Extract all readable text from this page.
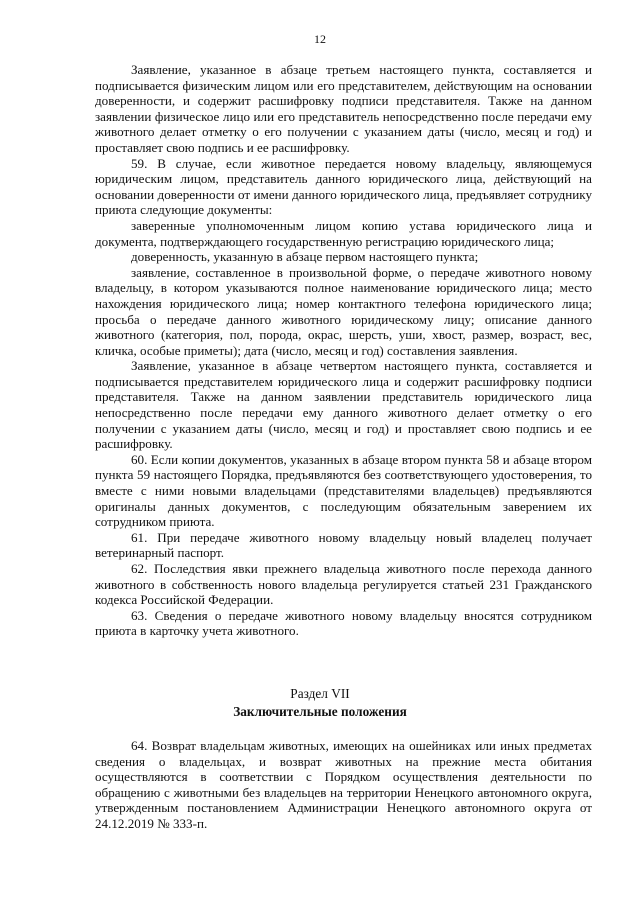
12

Заявление, указанное в абзаце третьем настоящего пункта, составляется и подписывается физическим лицом или его представителем, действующим на основании доверенности, и содержит расшифровку подписи представителя. Также на данном заявлении физическое лицо или его представитель непосредственно после передачи ему животного делает отметку о его получении с указанием даты (число, месяц и год) и проставляет свою подпись и ее расшифровку.

59. В случае, если животное передается новому владельцу, являющемуся юридическим лицом, представитель данного юридического лица, действующий на основании доверенности от имени данного юридического лица, предъявляет сотруднику приюта следующие документы:

заверенные уполномоченным лицом копию устава юридического лица и документа, подтверждающего государственную регистрацию юридического лица;

доверенность, указанную в абзаце первом настоящего пункта;

заявление, составленное в произвольной форме, о передаче животного новому владельцу, в котором указываются полное наименование юридического лица; место нахождения юридического лица; номер контактного телефона юридического лица; просьба о передаче данного животного юридическому лицу; описание данного животного (категория, пол, порода, окрас, шерсть, уши, хвост, размер, возраст, вес, кличка, особые приметы); дата (число, месяц и год) составления заявления.

Заявление, указанное в абзаце четвертом настоящего пункта, составляется и подписывается представителем юридического лица и содержит расшифровку подписи представителя. Также на данном заявлении представитель юридического лица непосредственно после передачи ему данного животного делает отметку о его получении с указанием даты (число, месяц и год) и проставляет свою подпись и ее расшифровку.

60. Если копии документов, указанных в абзаце втором пункта 58 и абзаце втором пункта 59 настоящего Порядка, предъявляются без соответствующего удостоверения, то вместе с ними новыми владельцами (представителями владельцев) предъявляются оригиналы данных документов, с последующим обязательным заверением их сотрудником приюта.

61. При передаче животного новому владельцу новый владелец получает ветеринарный паспорт.

62. Последствия явки прежнего владельца животного после перехода данного животного в собственность нового владельца регулируется статьей 231 Гражданского кодекса Российской Федерации.

63. Сведения о передаче животного новому владельцу вносятся сотрудником приюта в карточку учета животного.

Раздел VII
Заключительные положения

64. Возврат владельцам животных, имеющих на ошейниках или иных предметах сведения о владельцах, и возврат животных на прежние места обитания осуществляются в соответствии с Порядком осуществления деятельности по обращению с животными без владельцев на территории Ненецкого автономного округа, утвержденным постановлением Администрации Ненецкого автономного округа от 24.12.2019 № 333-п.
